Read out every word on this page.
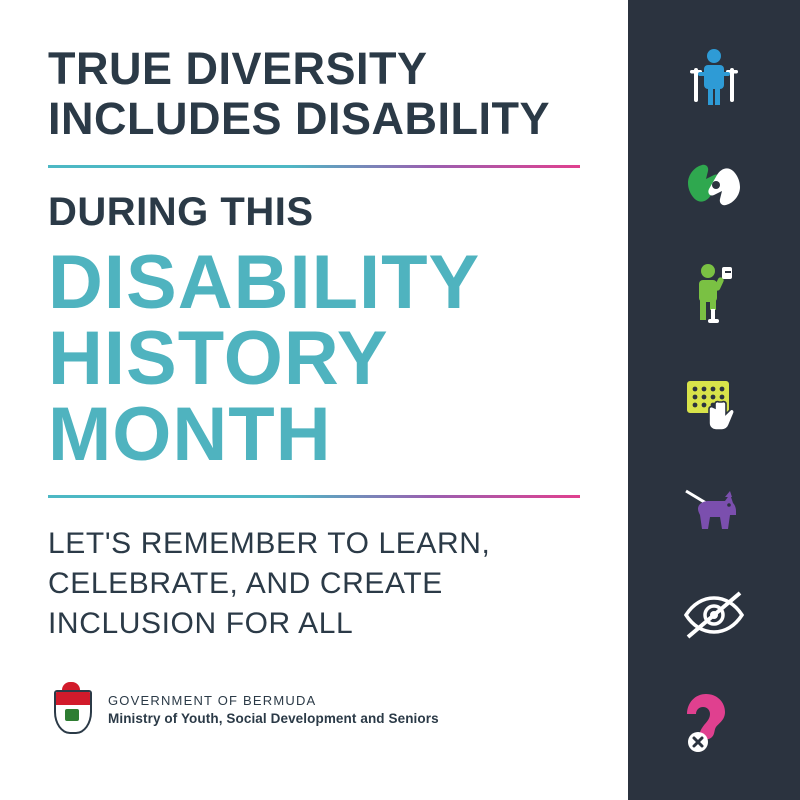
TRUE DIVERSITY
INCLUDES DISABILITY
DURING THIS
DISABILITY
HISTORY
MONTH
LET'S REMEMBER TO LEARN,
CELEBRATE, AND CREATE
INCLUSION FOR ALL
GOVERNMENT OF BERMUDA
Ministry of Youth, Social Development and Seniors
